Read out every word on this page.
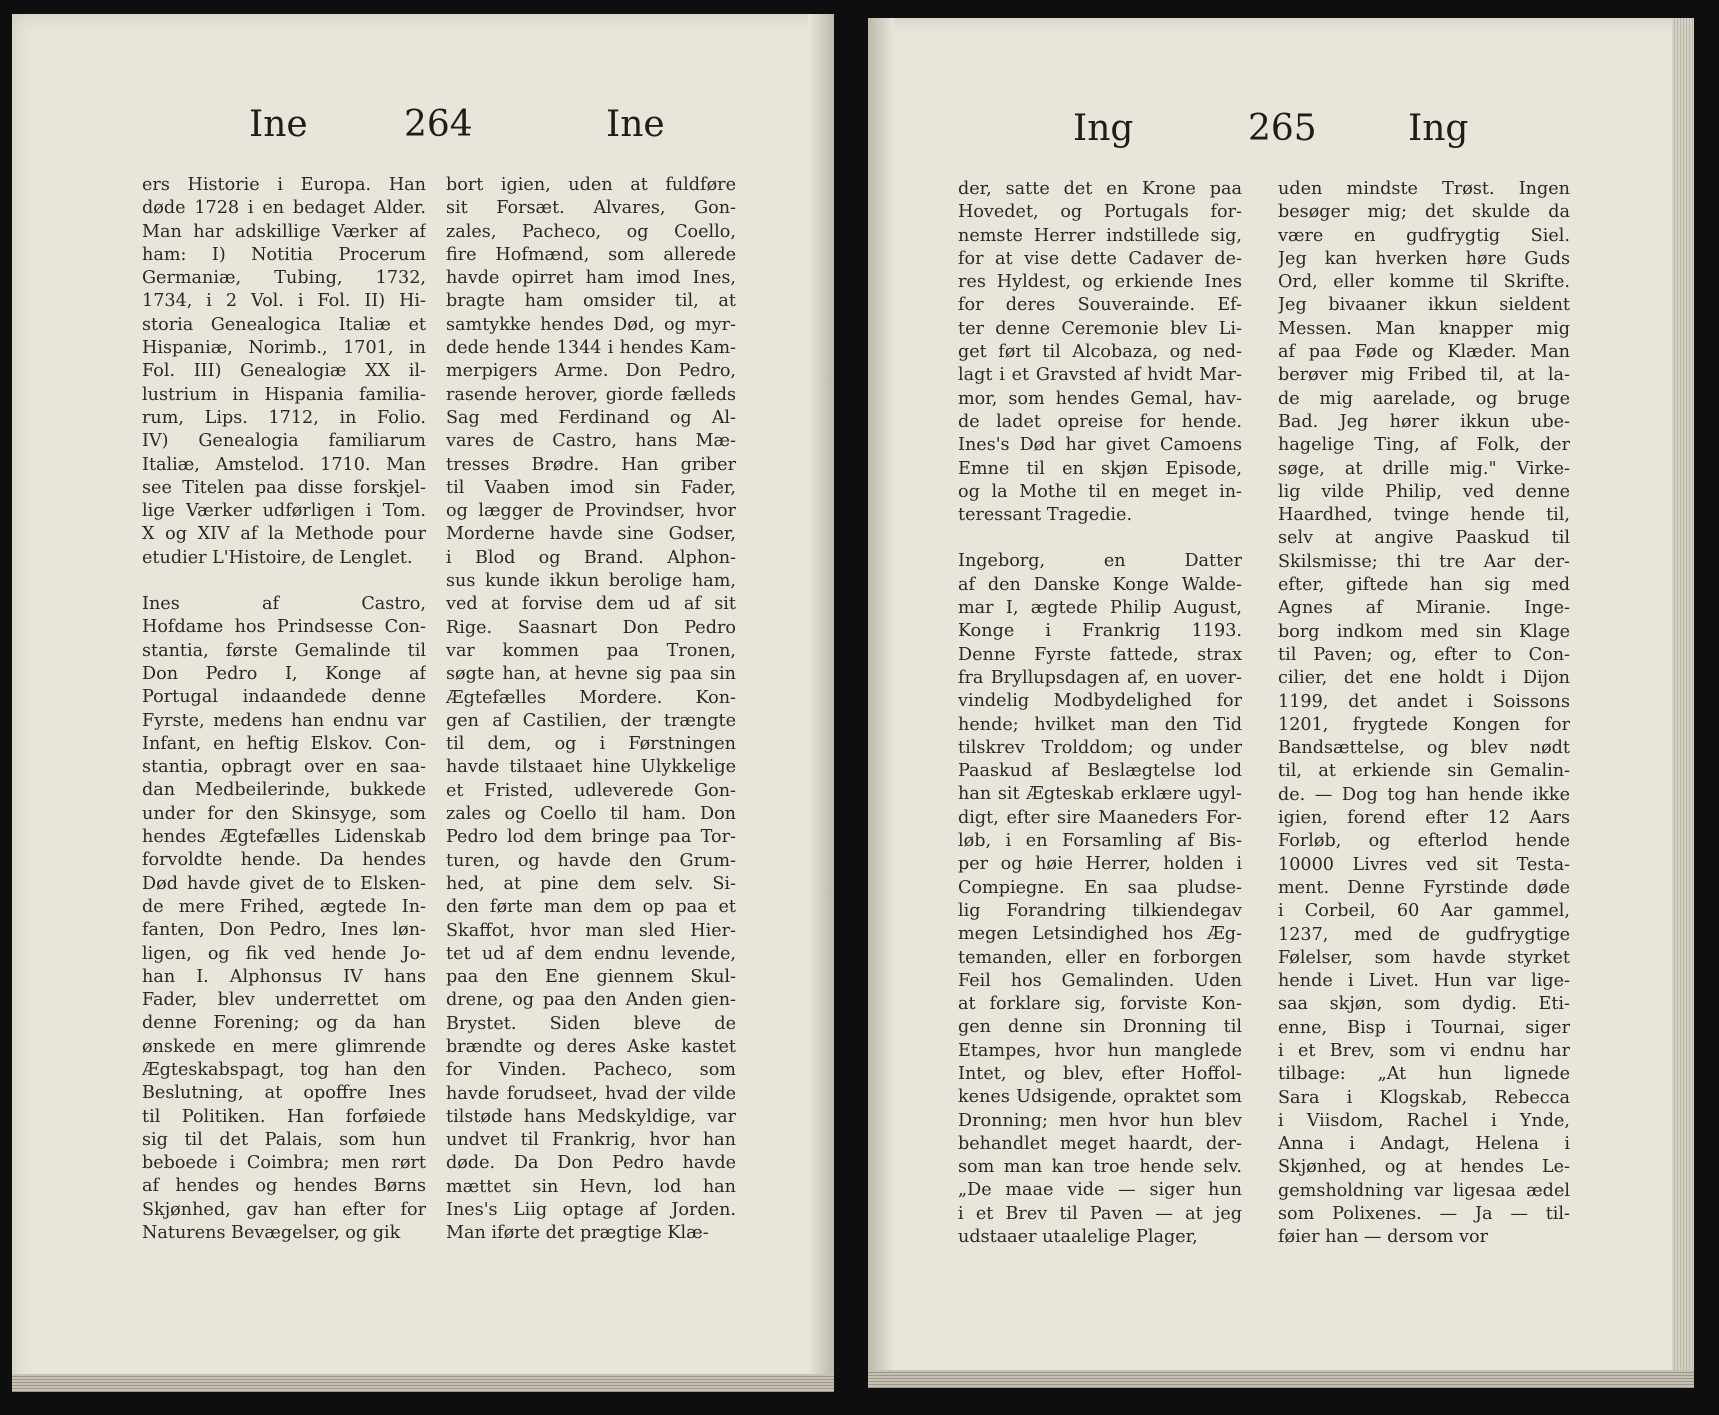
Ine	264	Ine
ers Historie i Europa. Han
døde 1728 i en bedaget Alder.
Man har adskillige Værker af
ham: I) Notitia Procerum
Germaniæ, Tubing, 1732,
1734, i 2 Vol. i Fol. II) Hi-
storia Genealogica Italiæ et
Hispaniæ, Norimb., 1701, in
Fol. III) Genealogiæ XX il-
lustrium in Hispania familia-
rum, Lips. 1712, in Folio.
IV) Genealogia familiarum
Italiæ, Amstelod. 1710. Man
see Titelen paa disse forskjel-
lige Værker udførligen i Tom.
X og XIV af la Methode pour
etudier L'Histoire, de Lenglet.
Ines af Castro,
Hofdame hos Prindsesse Con-
stantia, første Gemalinde til
Don Pedro I, Konge af
Portugal indaandede denne
Fyrste, medens han endnu var
Infant, en heftig Elskov. Con-
stantia, opbragt over en saa-
dan Medbeilerinde, bukkede
under for den Skinsyge, som
hendes Ægtefælles Lidenskab
forvoldte hende. Da hendes
Død havde givet de to Elsken-
de mere Frihed, ægtede In-
fanten, Don Pedro, Ines løn-
ligen, og fik ved hende Jo-
han I. Alphonsus IV hans
Fader, blev underrettet om
denne Forening; og da han
ønskede en mere glimrende
Ægteskabspagt, tog han den
Beslutning, at opoffre Ines
til Politiken. Han forføiede
sig til det Palais, som hun
beboede i Coimbra; men rørt
af hendes og hendes Børns
Skjønhed, gav han efter for
Naturens Bevægelser, og gik
bort igien, uden at fuldføre
sit Forsæt. Alvares, Gon-
zales, Pacheco, og Coello,
fire Hofmænd, som allerede
havde opirret ham imod Ines,
bragte ham omsider til, at
samtykke hendes Død, og myr-
dede hende 1344 i hendes Kam-
merpigers Arme. Don Pedro,
rasende herover, giorde fælleds
Sag med Ferdinand og Al-
vares de Castro, hans Mæ-
tresses Brødre. Han griber
til Vaaben imod sin Fader,
og lægger de Provindser, hvor
Morderne havde sine Godser,
i Blod og Brand. Alphon-
sus kunde ikkun berolige ham,
ved at forvise dem ud af sit
Rige. Saasnart Don Pedro
var kommen paa Tronen,
søgte han, at hevne sig paa sin
Ægtefælles Mordere. Kon-
gen af Castilien, der trængte
til dem, og i Førstningen
havde tilstaaet hine Ulykkelige
et Fristed, udleverede Gon-
zales og Coello til ham. Don
Pedro lod dem bringe paa Tor-
turen, og havde den Grum-
hed, at pine dem selv. Si-
den førte man dem op paa et
Skaffot, hvor man sled Hier-
tet ud af dem endnu levende,
paa den Ene giennem Skul-
drene, og paa den Anden gien-
Brystet. Siden bleve de
brændte og deres Aske kastet
for Vinden. Pacheco, som
havde forudseet, hvad der vilde
tilstøde hans Medskyldige, var
undvet til Frankrig, hvor han
døde. Da Don Pedro havde
mættet sin Hevn, lod han
Ines's Liig optage af Jorden.
Man iførte det prægtige Klæ-
Ing	265	Ing
der, satte det en Krone paa
Hovedet, og Portugals for-
nemste Herrer indstillede sig,
for at vise dette Cadaver de-
res Hyldest, og erkiende Ines
for deres Souverainde. Ef-
ter denne Ceremonie blev Li-
get ført til Alcobaza, og ned-
lagt i et Gravsted af hvidt Mar-
mor, som hendes Gemal, hav-
de ladet opreise for hende.
Ines's Død har givet Camoens
Emne til en skjøn Episode,
og la Mothe til en meget in-
teressant Tragedie.
Ingeborg, en Datter
af den Danske Konge Walde-
mar I, ægtede Philip August,
Konge i Frankrig 1193.
Denne Fyrste fattede, strax
fra Bryllupsdagen af, en uover-
vindelig Modbydelighed for
hende; hvilket man den Tid
tilskrev Trolddom; og under
Paaskud af Beslægtelse lod
han sit Ægteskab erklære ugyl-
digt, efter sire Maaneders For-
løb, i en Forsamling af Bis-
per og høie Herrer, holden i
Compiegne. En saa pludse-
lig Forandring tilkiendegav
megen Letsindighed hos Æg-
temanden, eller en forborgen
Feil hos Gemalinden. Uden
at forklare sig, forviste Kon-
gen denne sin Dronning til
Etampes, hvor hun manglede
Intet, og blev, efter Hoffol-
kenes Udsigende, opraktet som
Dronning; men hvor hun blev
behandlet meget haardt, der-
som man kan troe hende selv.
„De maae vide — siger hun
i et Brev til Paven — at jeg
udstaaer utaalelige Plager,
uden mindste Trøst. Ingen
besøger mig; det skulde da
være en gudfrygtig Siel.
Jeg kan hverken høre Guds
Ord, eller komme til Skrifte.
Jeg bivaaner ikkun sieldent
Messen. Man knapper mig
af paa Føde og Klæder. Man
berøver mig Fribed til, at la-
de mig aarelade, og bruge
Bad. Jeg hører ikkun ube-
hagelige Ting, af Folk, der
søge, at drille mig." Virke-
lig vilde Philip, ved denne
Haardhed, tvinge hende til,
selv at angive Paaskud til
Skilsmisse; thi tre Aar der-
efter, giftede han sig med
Agnes af Miranie. Inge-
borg indkom med sin Klage
til Paven; og, efter to Con-
cilier, det ene holdt i Dijon
1199, det andet i Soissons
1201, frygtede Kongen for
Bandsættelse, og blev nødt
til, at erkiende sin Gemalin-
de. — Dog tog han hende ikke
igien, forend efter 12 Aars
Forløb, og efterlod hende
10000 Livres ved sit Testa-
ment. Denne Fyrstinde døde
i Corbeil, 60 Aar gammel,
1237, med de gudfrygtige
Følelser, som havde styrket
hende i Livet. Hun var lige-
saa skjøn, som dydig. Eti-
enne, Bisp i Tournai, siger
i et Brev, som vi endnu har
tilbage: „At hun lignede
Sara i Klogskab, Rebecca
i Viisdom, Rachel i Ynde,
Anna i Andagt, Helena i
Skjønhed, og at hendes Le-
gemsholdning var ligesaa ædel
som Polixenes. — Ja — til-
føier han — dersom vor
